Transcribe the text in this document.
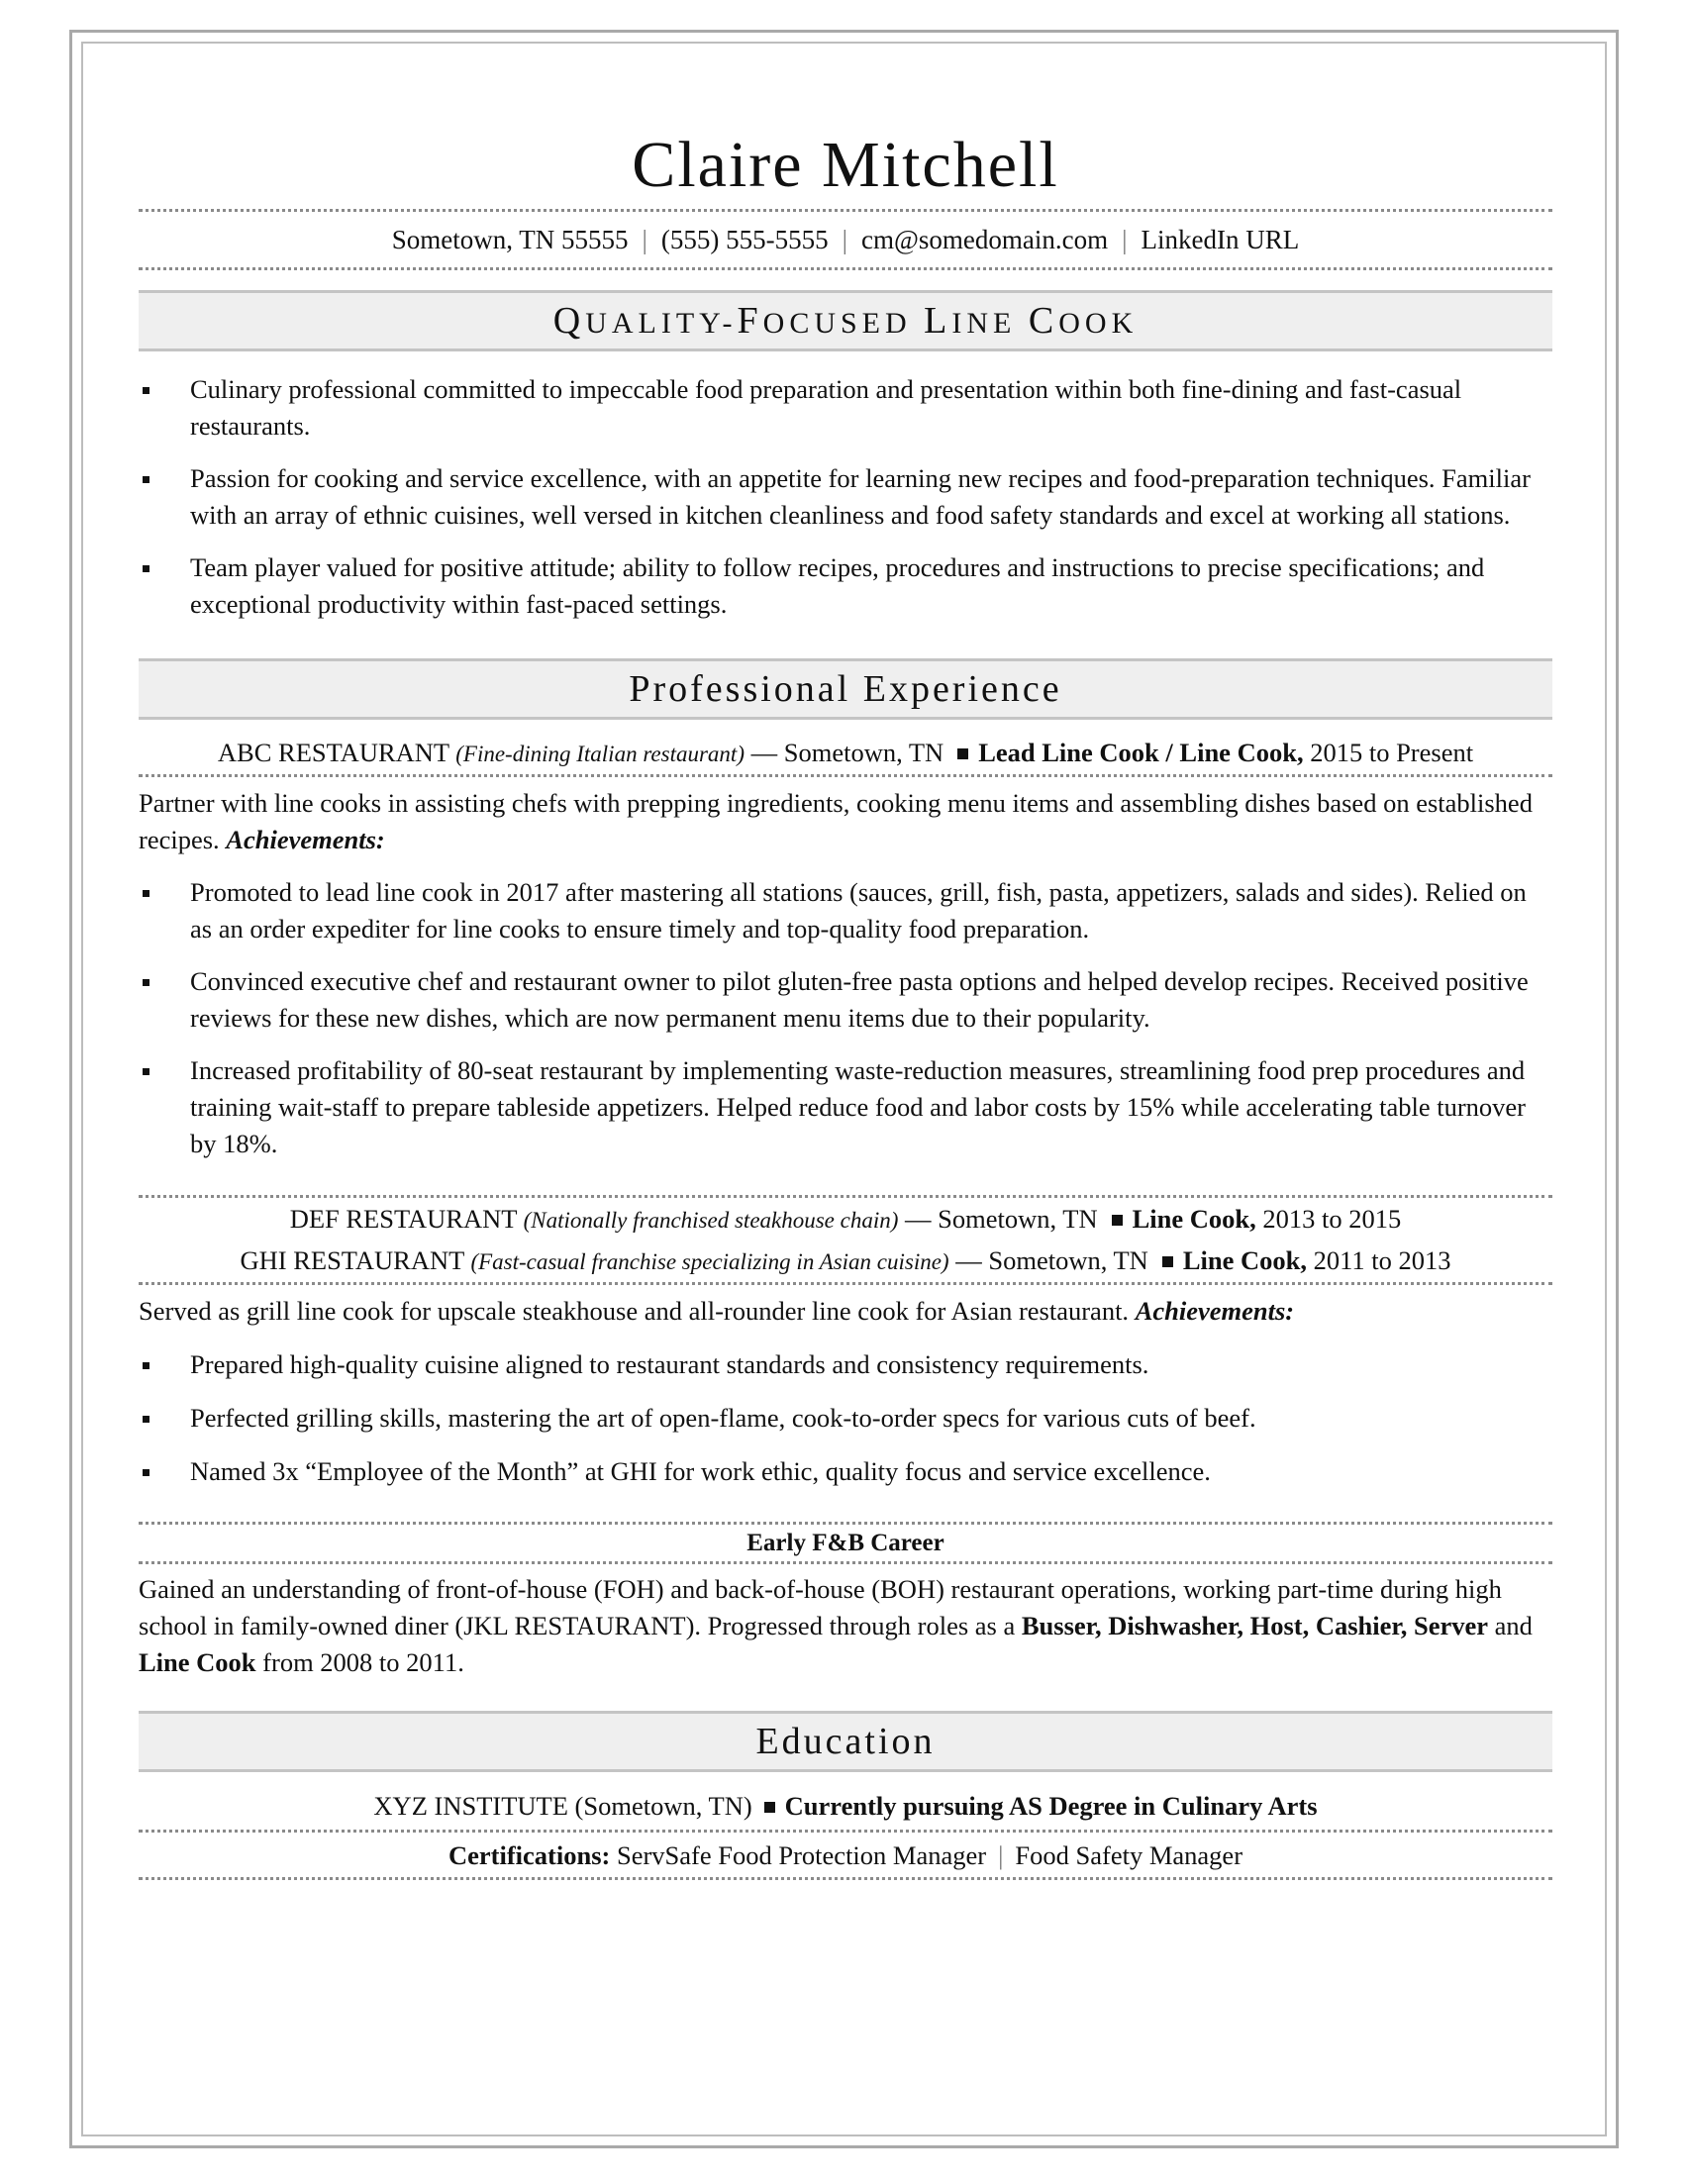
Claire Mitchell
Sometown, TN 55555 | (555) 555-5555 | cm@somedomain.com | LinkedIn URL
QUALITY-FOCUSED LINE COOK
Culinary professional committed to impeccable food preparation and presentation within both fine-dining and fast-casual restaurants.
Passion for cooking and service excellence, with an appetite for learning new recipes and food-preparation techniques. Familiar with an array of ethnic cuisines, well versed in kitchen cleanliness and food safety standards and excel at working all stations.
Team player valued for positive attitude; ability to follow recipes, procedures and instructions to precise specifications; and exceptional productivity within fast-paced settings.
Professional Experience
ABC RESTAURANT (Fine-dining Italian restaurant) — Sometown, TN Lead Line Cook / Line Cook, 2015 to Present
Partner with line cooks in assisting chefs with prepping ingredients, cooking menu items and assembling dishes based on established recipes. Achievements:
Promoted to lead line cook in 2017 after mastering all stations (sauces, grill, fish, pasta, appetizers, salads and sides). Relied on as an order expediter for line cooks to ensure timely and top-quality food preparation.
Convinced executive chef and restaurant owner to pilot gluten-free pasta options and helped develop recipes. Received positive reviews for these new dishes, which are now permanent menu items due to their popularity.
Increased profitability of 80-seat restaurant by implementing waste-reduction measures, streamlining food prep procedures and training wait-staff to prepare tableside appetizers. Helped reduce food and labor costs by 15% while accelerating table turnover by 18%.
DEF RESTAURANT (Nationally franchised steakhouse chain) — Sometown, TN Line Cook, 2013 to 2015
GHI RESTAURANT (Fast-casual franchise specializing in Asian cuisine) — Sometown, TN Line Cook, 2011 to 2013
Served as grill line cook for upscale steakhouse and all-rounder line cook for Asian restaurant. Achievements:
Prepared high-quality cuisine aligned to restaurant standards and consistency requirements.
Perfected grilling skills, mastering the art of open-flame, cook-to-order specs for various cuts of beef.
Named 3x “Employee of the Month” at GHI for work ethic, quality focus and service excellence.
Early F&B Career
Gained an understanding of front-of-house (FOH) and back-of-house (BOH) restaurant operations, working part-time during high school in family-owned diner (JKL RESTAURANT). Progressed through roles as a Busser, Dishwasher, Host, Cashier, Server and Line Cook from 2008 to 2011.
Education
XYZ INSTITUTE (Sometown, TN) Currently pursuing AS Degree in Culinary Arts
Certifications: ServSafe Food Protection Manager | Food Safety Manager
